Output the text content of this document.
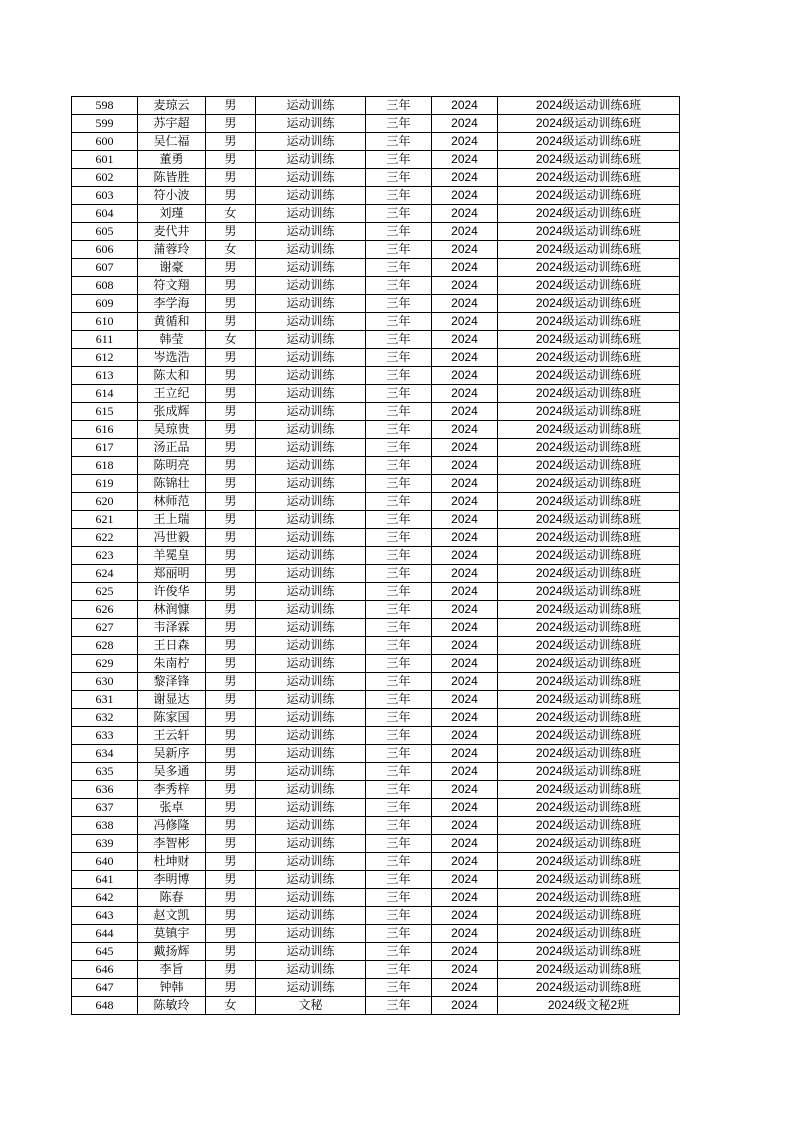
598	麦琼云	男	运动训练	三年	2024	2024级运动训练6班
599	苏宇超	男	运动训练	三年	2024	2024级运动训练6班
600	吴仁福	男	运动训练	三年	2024	2024级运动训练6班
601	董勇	男	运动训练	三年	2024	2024级运动训练6班
602	陈皆胜	男	运动训练	三年	2024	2024级运动训练6班
603	符小波	男	运动训练	三年	2024	2024级运动训练6班
604	刘瑾	女	运动训练	三年	2024	2024级运动训练6班
605	麦代井	男	运动训练	三年	2024	2024级运动训练6班
606	蒲蓉玲	女	运动训练	三年	2024	2024级运动训练6班
607	谢豪	男	运动训练	三年	2024	2024级运动训练6班
608	符文翔	男	运动训练	三年	2024	2024级运动训练6班
609	李学海	男	运动训练	三年	2024	2024级运动训练6班
610	黄循和	男	运动训练	三年	2024	2024级运动训练6班
611	韩莹	女	运动训练	三年	2024	2024级运动训练6班
612	岑选浩	男	运动训练	三年	2024	2024级运动训练6班
613	陈太和	男	运动训练	三年	2024	2024级运动训练6班
614	王立纪	男	运动训练	三年	2024	2024级运动训练8班
615	张成辉	男	运动训练	三年	2024	2024级运动训练8班
616	吴琼贵	男	运动训练	三年	2024	2024级运动训练8班
617	汤正品	男	运动训练	三年	2024	2024级运动训练8班
618	陈明亮	男	运动训练	三年	2024	2024级运动训练8班
619	陈锦壮	男	运动训练	三年	2024	2024级运动训练8班
620	林师范	男	运动训练	三年	2024	2024级运动训练8班
621	王上瑞	男	运动训练	三年	2024	2024级运动训练8班
622	冯世毅	男	运动训练	三年	2024	2024级运动训练8班
623	羊冕皇	男	运动训练	三年	2024	2024级运动训练8班
624	郑丽明	男	运动训练	三年	2024	2024级运动训练8班
625	许俊华	男	运动训练	三年	2024	2024级运动训练8班
626	林润慷	男	运动训练	三年	2024	2024级运动训练8班
627	韦泽霖	男	运动训练	三年	2024	2024级运动训练8班
628	王日森	男	运动训练	三年	2024	2024级运动训练8班
629	朱南柠	男	运动训练	三年	2024	2024级运动训练8班
630	黎泽锋	男	运动训练	三年	2024	2024级运动训练8班
631	谢显达	男	运动训练	三年	2024	2024级运动训练8班
632	陈家国	男	运动训练	三年	2024	2024级运动训练8班
633	王云轩	男	运动训练	三年	2024	2024级运动训练8班
634	吴新序	男	运动训练	三年	2024	2024级运动训练8班
635	吴多通	男	运动训练	三年	2024	2024级运动训练8班
636	李秀梓	男	运动训练	三年	2024	2024级运动训练8班
637	张卓	男	运动训练	三年	2024	2024级运动训练8班
638	冯修隆	男	运动训练	三年	2024	2024级运动训练8班
639	李智彬	男	运动训练	三年	2024	2024级运动训练8班
640	杜坤财	男	运动训练	三年	2024	2024级运动训练8班
641	李明博	男	运动训练	三年	2024	2024级运动训练8班
642	陈春	男	运动训练	三年	2024	2024级运动训练8班
643	赵文凯	男	运动训练	三年	2024	2024级运动训练8班
644	莫镇宇	男	运动训练	三年	2024	2024级运动训练8班
645	戴扬辉	男	运动训练	三年	2024	2024级运动训练8班
646	李旨	男	运动训练	三年	2024	2024级运动训练8班
647	钟韩	男	运动训练	三年	2024	2024级运动训练8班
648	陈敏玲	女	文秘	三年	2024	2024级文秘2班
